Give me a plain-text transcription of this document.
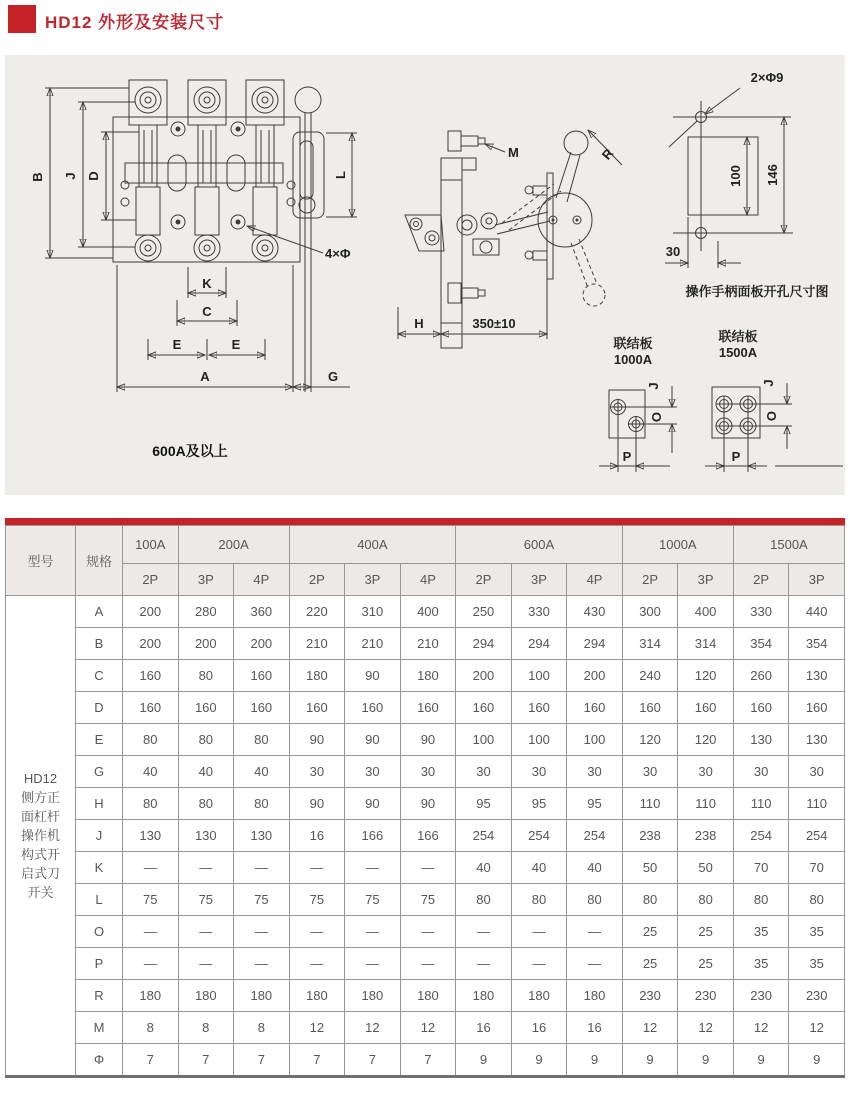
HD12 外形及安装尺寸
B J D	L
K
C
E	E
A	G
4×Φ
600A及以上
M	R
H	350±10
100 146
2×Φ9
30
操作手柄面板开孔尺寸图
联结板
1000A
O
J
P
联结板
1500A
O
J
P
型号	规格	100A	200A		400A			600A			1000A		1500A	
		2P	3P	4P	2P	3P	4P	2P	3P	4P	2P	3P	2P	3P

HD12
侧方正
面杠杆
操作机
构式开
启式刀
开关
	A	200	280	360	220	310	400	250	330	430	300	400	330	440
	B	200	200	200	210	210	210	294	294	294	314	314	354	354
	C	160	80	160	180	90	180	200	100	200	240	120	260	130
	D	160	160	160	160	160	160	160	160	160	160	160	160	160
	E	80	80	80	90	90	90	100	100	100	120	120	130	130
	G	40	40	40	30	30	30	30	30	30	30	30	30	30
	H	80	80	80	90	90	90	95	95	95	110	110	110	110
	J	130	130	130	16	166	166	254	254	254	238	238	254	254
	K	—	—	—	—	—	—	40	40	40	50	50	70	70
	L	75	75	75	75	75	75	80	80	80	80	80	80	80
	O	—	—	—	—	—	—	—	—	—	25	25	35	35
	P	—	—	—	—	—	—	—	—	—	25	25	35	35
	R	180	180	180	180	180	180	180	180	180	230	230	230	230
	M	8	8	8	12	12	12	16	16	16	12	12	12	12
	Φ	7	7	7	7	7	7	9	9	9	9	9	9	9
